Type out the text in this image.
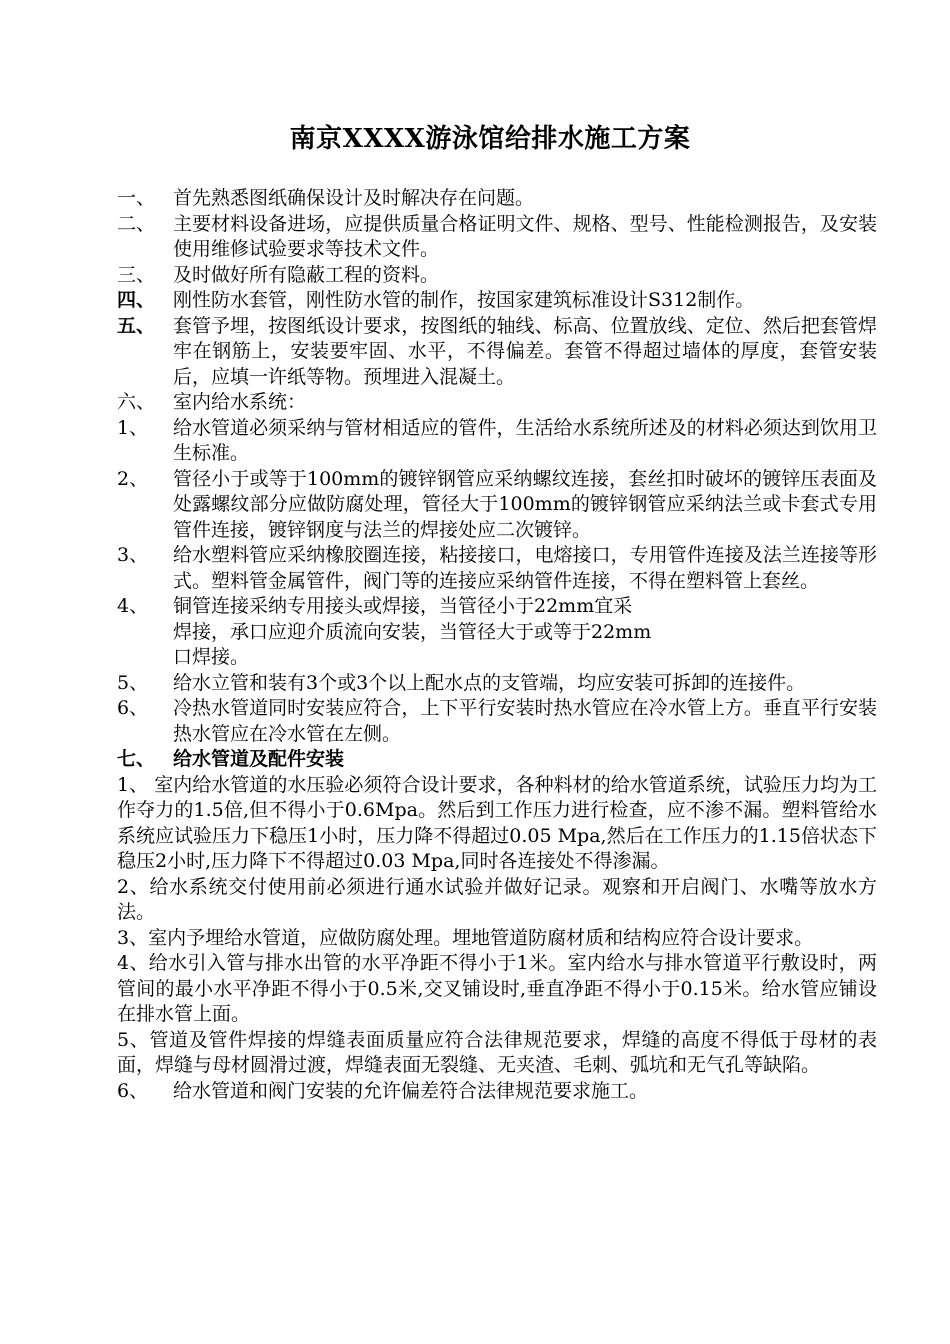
南京XXXX游泳馆给排水施工方案
一、 首先熟悉图纸确保设计及时解决存在问题。
二、 主要材料设备进场，应提供质量合格证明文件、规格、型号、性能检测报告，及安装使用维修试验要求等技术文件。
三、 及时做好所有隐蔽工程的资料。
四、 刚性防水套管，刚性防水管的制作，按国家建筑标准设计S312制作。
五、 套管予埋，按图纸设计要求，按图纸的轴线、标高、位置放线、定位、然后把套管焊牢在钢筋上，安装要牢固、水平，不得偏差。套管不得超过墙体的厚度，套管安装后，应填一许纸等物。预埋进入混凝土。
六、 室内给水系统：
1、	给水管道必须采纳与管材相适应的管件，生活给水系统所述及的材料必须达到饮用卫生标准。
2、	管径小于或等于100mm的镀锌钢管应采纳螺纹连接，套丝扣时破坏的镀锌压表面及处露螺纹部分应做防腐处理，管径大于100mm的镀锌钢管应采纳法兰或卡套式专用管件连接，镀锌钢度与法兰的焊接处应二次镀锌。
3、	给水塑料管应采纳橡胶圈连接，粘接接口，电熔接口，专用管件连接及法兰连接等形式。塑料管金属管件，阀门等的连接应采纳管件连接，不得在塑料管上套丝。
4、	铜管连接采纳专用接头或焊接，当管径小于22mm宜采
焊接，承口应迎介质流向安装，当管径大于或等于22mm
口焊接。
5、	给水立管和装有3个或3个以上配水点的支管端，均应安装可拆卸的连接件。
6、	冷热水管道同时安装应符合，上下平行安装时热水管应在冷水管上方。垂直平行安装热水管应在冷水管在左侧。
七、 给水管道及配件安装
1、 室内给水管道的水压验必须符合设计要求，各种料材的给水管道系统，试验压力均为工作夺力的1.5倍,但不得小于0.6Mpa。然后到工作压力进行检查，应不渗不漏。塑料管给水系统应试验压力下稳压1小时，压力降不得超过0.05 Mpa,然后在工作压力的1.15倍状态下稳压2小时,压力降下不得超过0.03 Mpa,同时各连接处不得渗漏。
2、给水系统交付使用前必须进行通水试验并做好记录。观察和开启阀门、水嘴等放水方法。
3、室内予埋给水管道，应做防腐处理。埋地管道防腐材质和结构应符合设计要求。
4、给水引入管与排水出管的水平净距不得小于1米。室内给水与排水管道平行敷设时，两管间的最小水平净距不得小于0.5米,交叉铺设时,垂直净距不得小于0.15米。给水管应铺设在排水管上面。
5、管道及管件焊接的焊缝表面质量应符合法律规范要求，焊缝的高度不得低于母材的表面，焊缝与母材圆滑过渡，焊缝表面无裂缝、无夹渣、毛刺、弧坑和无气孔等缺陷。
6、	给水管道和阀门安装的允许偏差符合法律规范要求施工。
